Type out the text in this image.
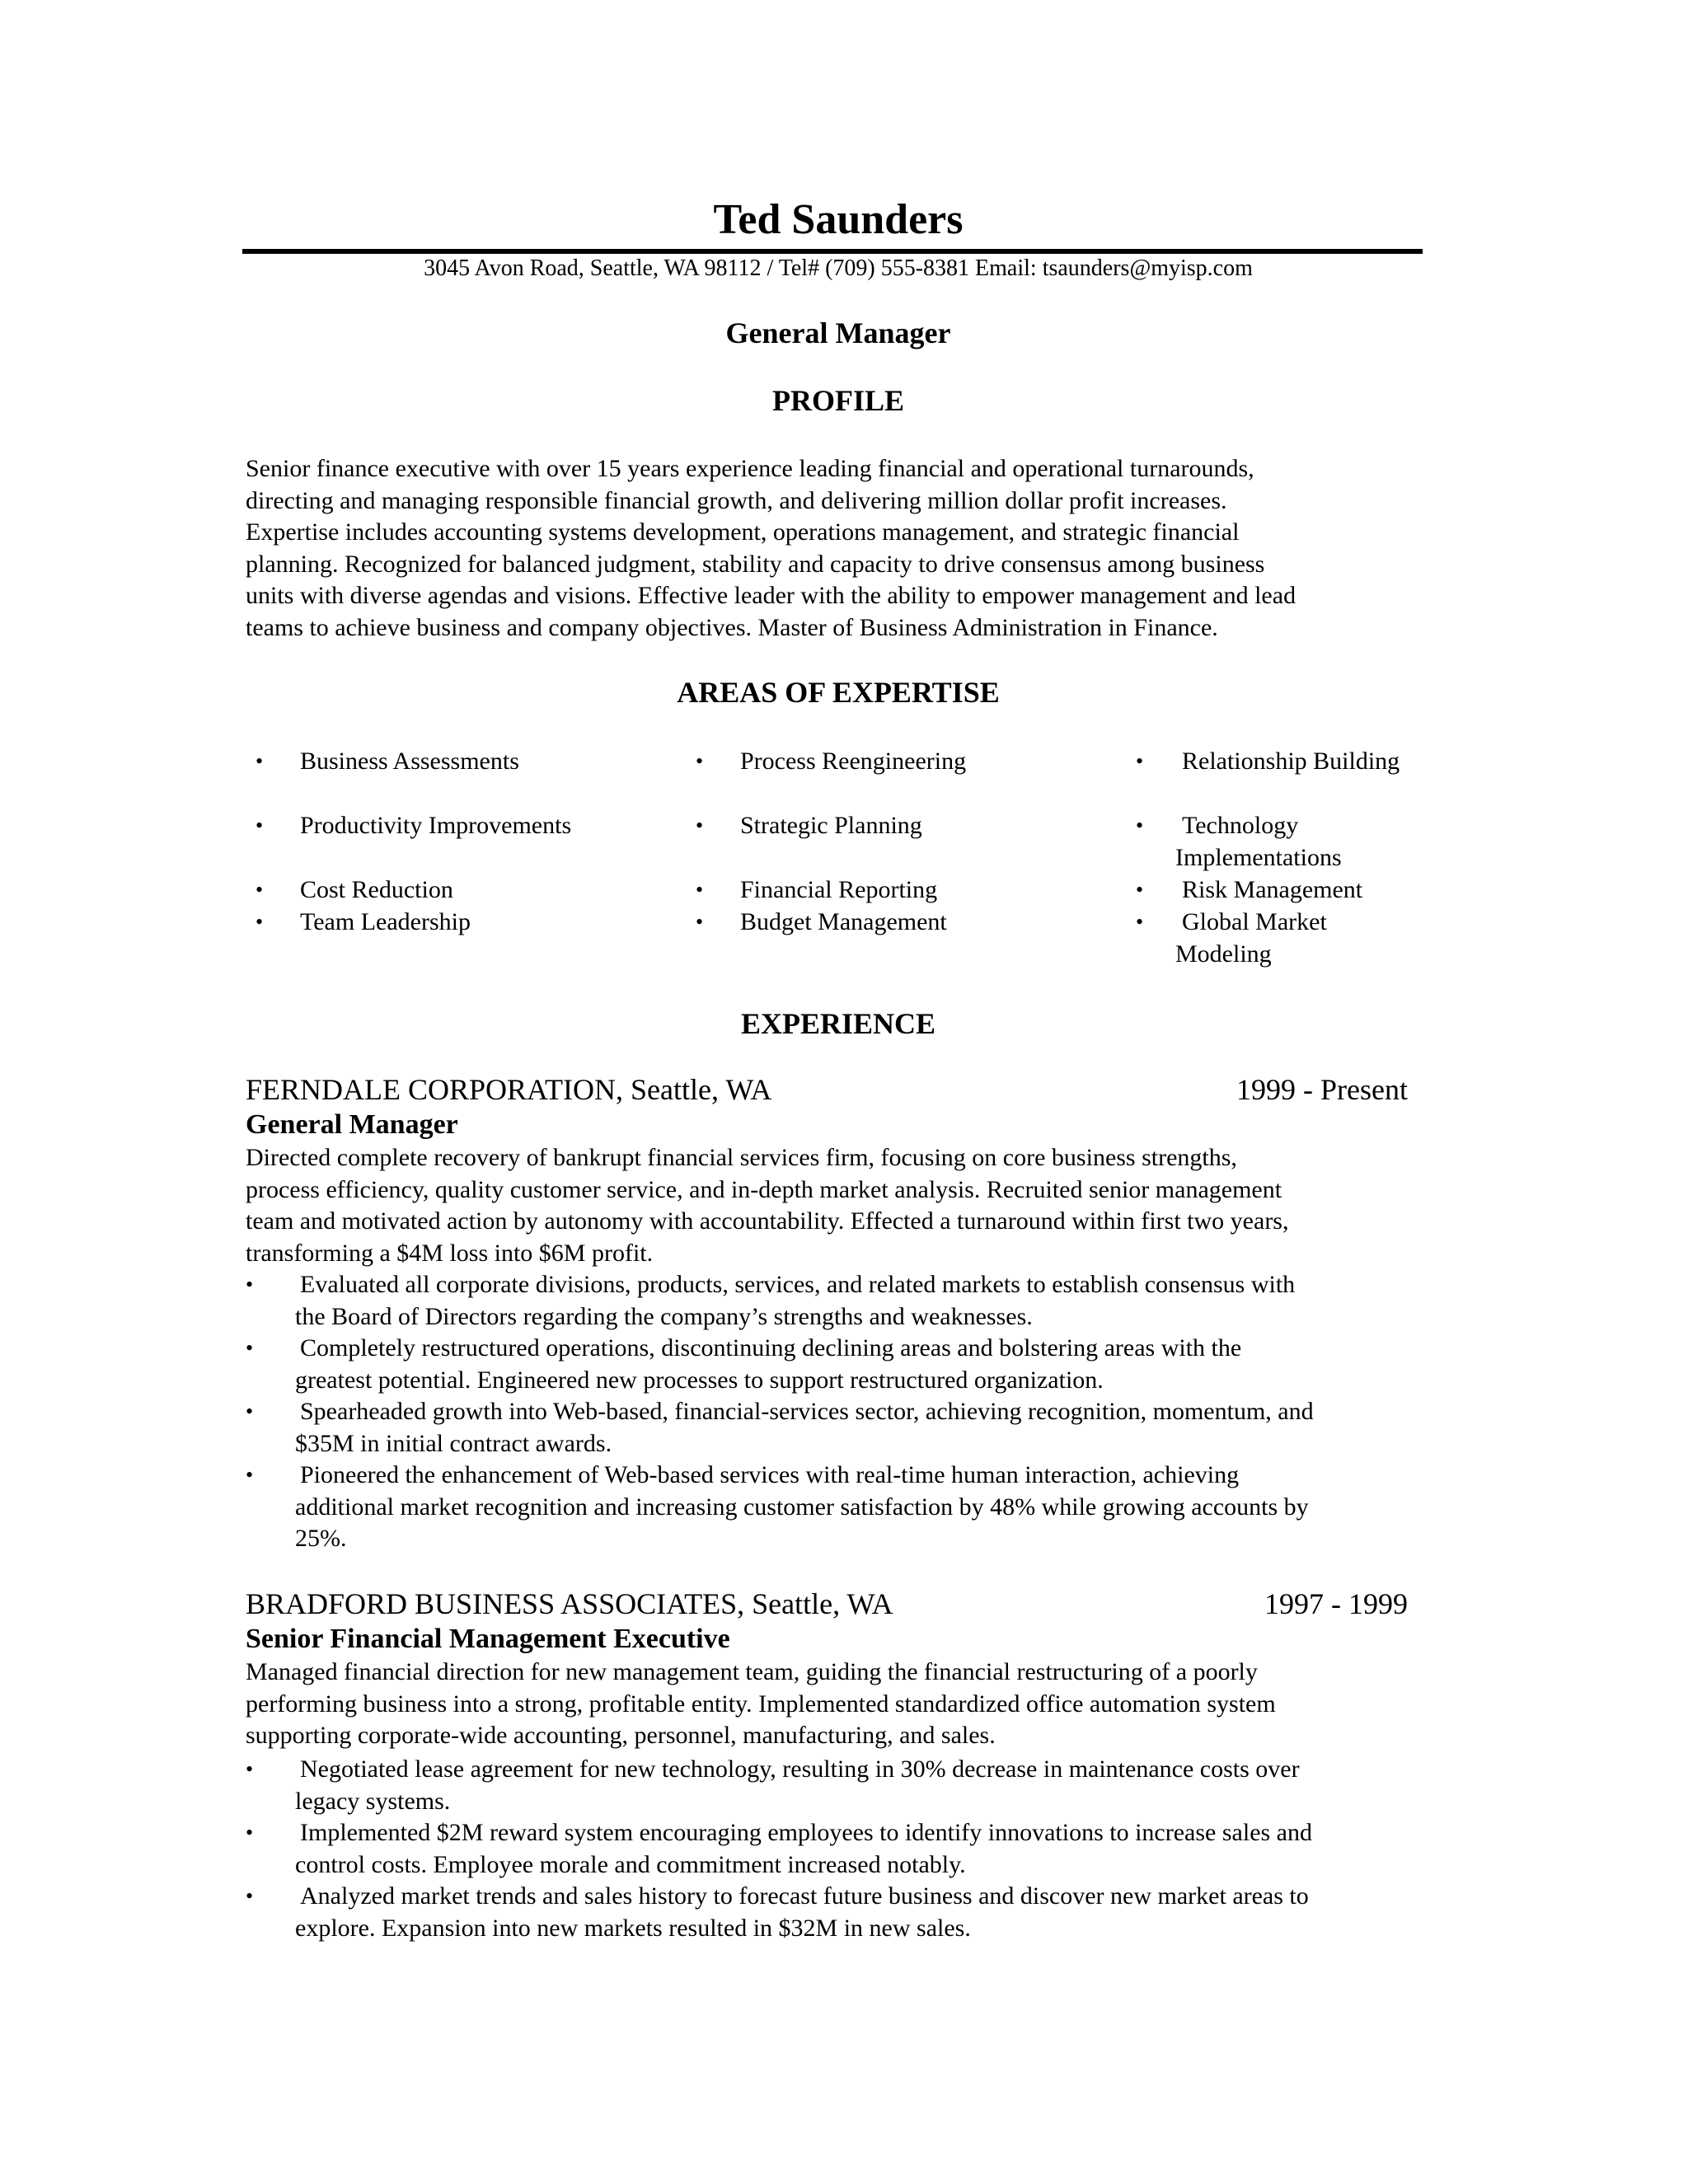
Ted Saunders
3045 Avon Road, Seattle, WA 98112 / Tel# (709) 555-8381 Email: tsaunders@myisp.com
General Manager
PROFILE
Senior finance executive with over 15 years experience leading financial and operational turnarounds,
directing and managing responsible financial growth, and delivering million dollar profit increases.
Expertise includes accounting systems development, operations management, and strategic financial
planning. Recognized for balanced judgment, stability and capacity to drive consensus among business
units with diverse agendas and visions. Effective leader with the ability to empower management and lead
teams to achieve business and company objectives. Master of Business Administration in Finance.
AREAS OF EXPERTISE
• Business Assessments
• Productivity Improvements
• Cost Reduction
• Team Leadership
• Process Reengineering
• Strategic Planning
• Financial Reporting
• Budget Management
• Relationship Building
• Technology Implementations
• Risk Management
• Global Market Modeling
EXPERIENCE
FERNDALE CORPORATION, Seattle, WA	1999 - Present
General Manager
Directed complete recovery of bankrupt financial services firm, focusing on core business strengths,
process efficiency, quality customer service, and in-depth market analysis. Recruited senior management
team and motivated action by autonomy with accountability. Effected a turnaround within first two years,
transforming a $4M loss into $6M profit.
• Evaluated all corporate divisions, products, services, and related markets to establish consensus with
the Board of Directors regarding the company’s strengths and weaknesses.
• Completely restructured operations, discontinuing declining areas and bolstering areas with the
greatest potential. Engineered new processes to support restructured organization.
• Spearheaded growth into Web-based, financial-services sector, achieving recognition, momentum, and
$35M in initial contract awards.
• Pioneered the enhancement of Web-based services with real-time human interaction, achieving
additional market recognition and increasing customer satisfaction by 48% while growing accounts by
25%.
BRADFORD BUSINESS ASSOCIATES, Seattle, WA	1997 - 1999
Senior Financial Management Executive
Managed financial direction for new management team, guiding the financial restructuring of a poorly
performing business into a strong, profitable entity. Implemented standardized office automation system
supporting corporate-wide accounting, personnel, manufacturing, and sales.
• Negotiated lease agreement for new technology, resulting in 30% decrease in maintenance costs over
legacy systems.
• Implemented $2M reward system encouraging employees to identify innovations to increase sales and
control costs. Employee morale and commitment increased notably.
• Analyzed market trends and sales history to forecast future business and discover new market areas to
explore. Expansion into new markets resulted in $32M in new sales.
